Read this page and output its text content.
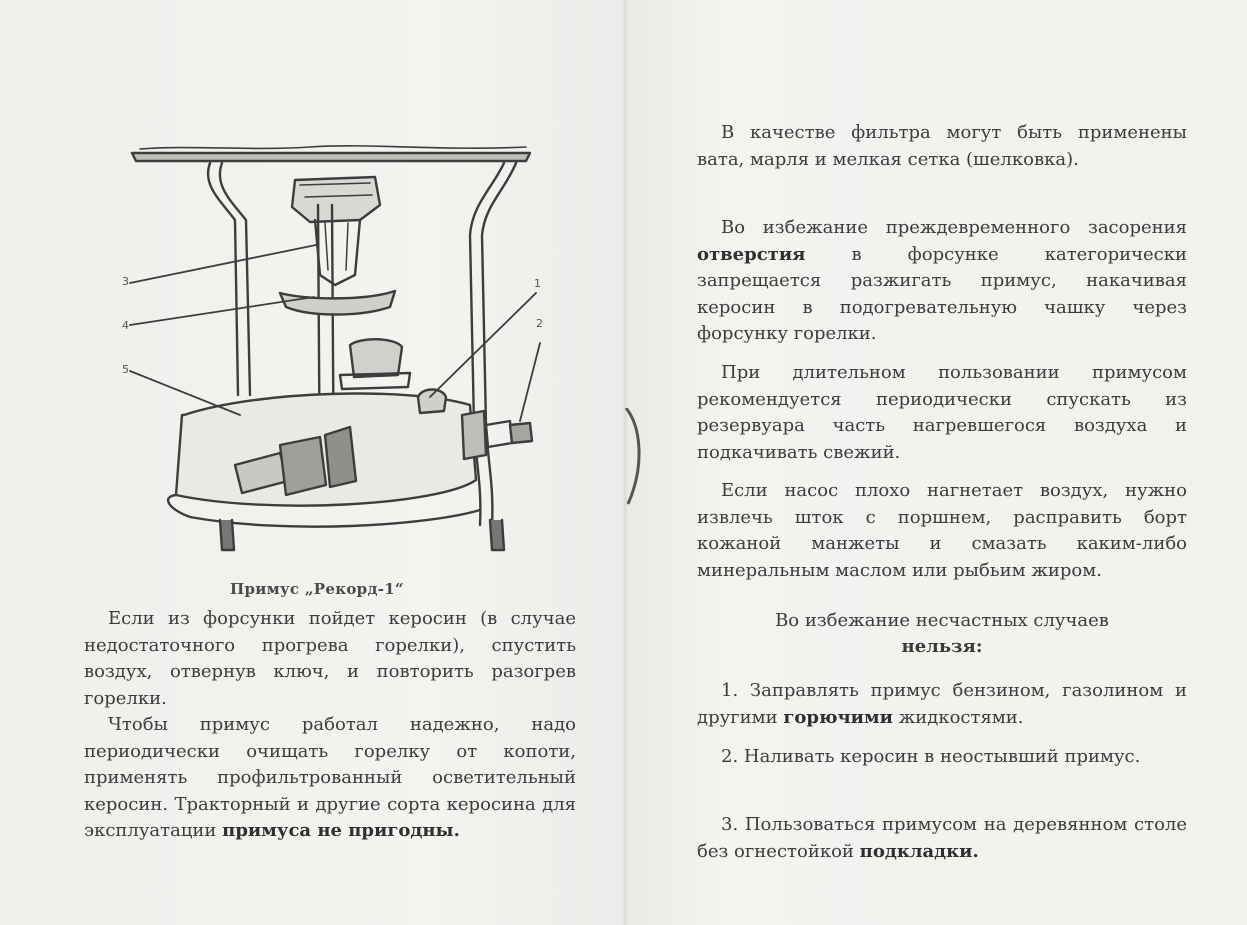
3
4
5
1
2
Примус „Рекорд-1“

Если из форсунки пойдет керосин (в случае недостаточного прогрева горелки), спустить воздух, отвернув ключ, и повторить разогрев горелки.

Чтобы примус работал надежно, надо периодически очищать горелку от копоти, применять профильтрованный осветительный керосин. Тракторный и другие сорта керосина для эксплуатации примуса не пригодны.

В качестве фильтра могут быть применены вата, марля и мелкая сетка (шелковка).

Во избежание преждевременного засорения отверстия	в форсунке категорически запрещается разжигать примус, накачивая керосин в подогревательную чашку через форсунку горелки.

При длительном пользовании примусом рекомендуется периодически спускать из резервуара часть нагревшегося воздуха и подкачивать свежий.

Если насос плохо нагнетает воздух, нужно извлечь шток с поршнем, расправить борт кожаной манжеты и смазать каким-либо минеральным маслом или рыбьим жиром.

Во избежание несчастных случаев
нельзя:

1. Заправлять примус бензином, газолином и другими горючими жидкостями.

2. Наливать керосин в неостывший примус.

3. Пользоваться примусом на деревянном столе без огнестойкой подкладки.
